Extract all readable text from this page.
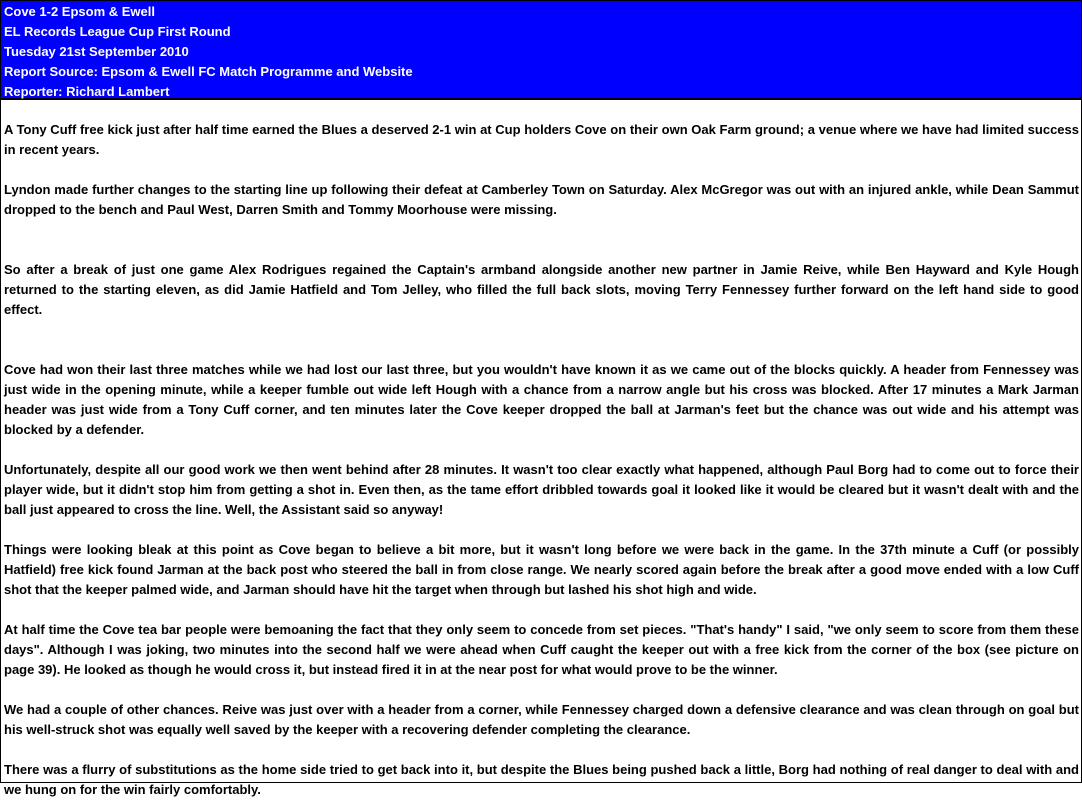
Cove 1-2 Epsom & Ewell
EL Records League Cup First Round
Tuesday 21st September 2010
Report Source: Epsom & Ewell FC Match Programme and Website
Reporter: Richard Lambert

A Tony Cuff free kick just after half time earned the Blues a deserved 2-1 win at Cup holders Cove on their own Oak Farm ground; a venue where we have had limited success in recent years.

Lyndon made further changes to the starting line up following their defeat at Camberley Town on Saturday. Alex McGregor was out with an injured ankle, while Dean Sammut dropped to the bench and Paul West, Darren Smith and Tommy Moorhouse were missing.

So after a break of just one game Alex Rodrigues regained the Captain's armband alongside another new partner in Jamie Reive, while Ben Hayward and Kyle Hough returned to the starting eleven, as did Jamie Hatfield and Tom Jelley, who filled the full back slots, moving Terry Fennessey further forward on the left hand side to good effect.

Cove had won their last three matches while we had lost our last three, but you wouldn't have known it as we came out of the blocks quickly. A header from Fennessey was just wide in the opening minute, while a keeper fumble out wide left Hough with a chance from a narrow angle but his cross was blocked. After 17 minutes a Mark Jarman header was just wide from a Tony Cuff corner, and ten minutes later the Cove keeper dropped the ball at Jarman's feet but the chance was out wide and his attempt was blocked by a defender.

Unfortunately, despite all our good work we then went behind after 28 minutes. It wasn't too clear exactly what happened, although Paul Borg had to come out to force their player wide, but it didn't stop him from getting a shot in. Even then, as the tame effort dribbled towards goal it looked like it would be cleared but it wasn't dealt with and the ball just appeared to cross the line. Well, the Assistant said so anyway!

Things were looking bleak at this point as Cove began to believe a bit more, but it wasn't long before we were back in the game. In the 37th minute a Cuff (or possibly Hatfield) free kick found Jarman at the back post who steered the ball in from close range. We nearly scored again before the break after a good move ended with a low Cuff shot that the keeper palmed wide, and Jarman should have hit the target when through but lashed his shot high and wide.

At half time the Cove tea bar people were bemoaning the fact that they only seem to concede from set pieces. "That's handy" I said, "we only seem to score from them these days". Although I was joking, two minutes into the second half we were ahead when Cuff caught the keeper out with a free kick from the corner of the box (see picture on page 39). He looked as though he would cross it, but instead fired it in at the near post for what would prove to be the winner.

We had a couple of other chances. Reive was just over with a header from a corner, while Fennessey charged down a defensive clearance and was clean through on goal but his well-struck shot was equally well saved by the keeper with a recovering defender completing the clearance.

There was a flurry of substitutions as the home side tried to get back into it, but despite the Blues being pushed back a little, Borg had nothing of real danger to deal with and we hung on for the win fairly comfortably.
